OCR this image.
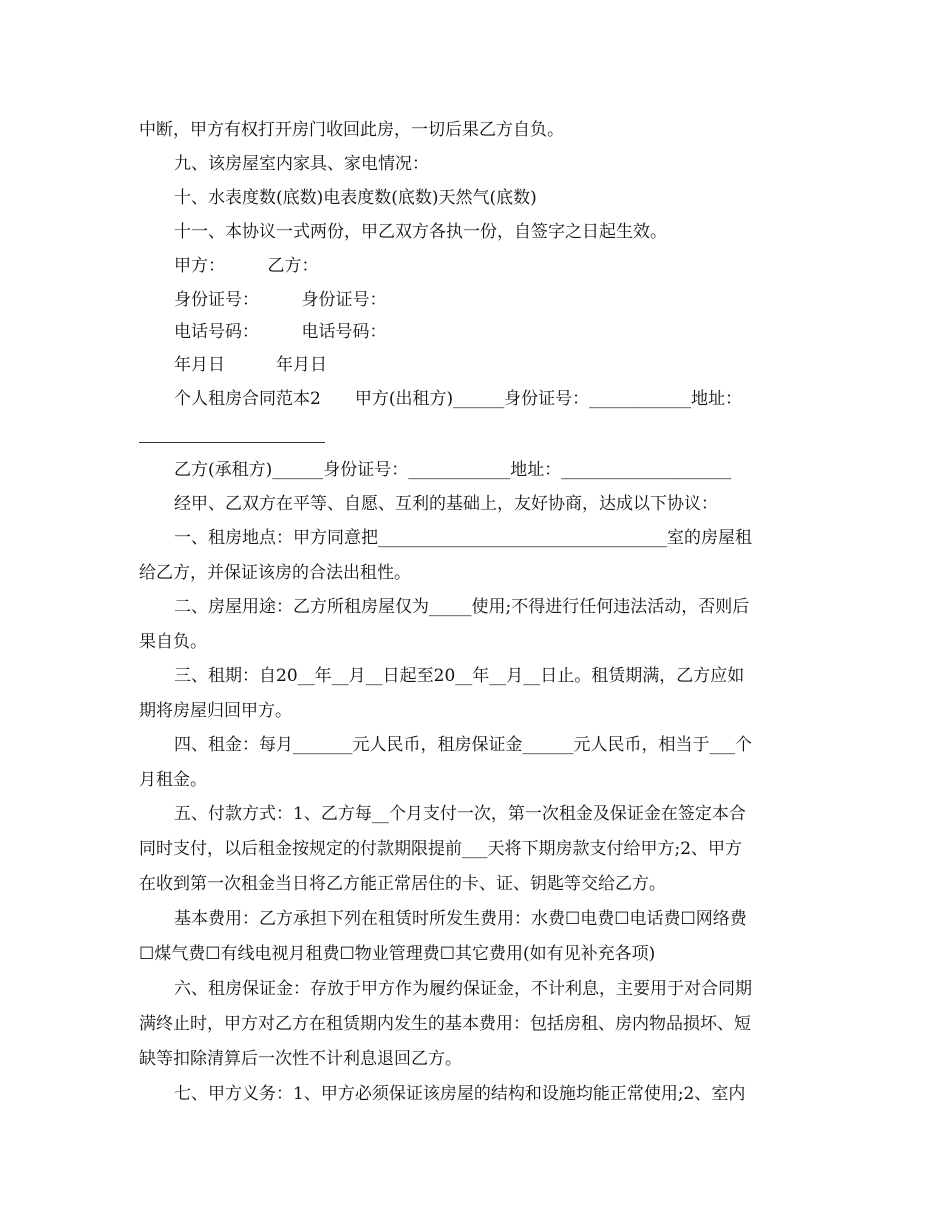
中断，甲方有权打开房门收回此房，一切后果乙方自负。
九、该房屋室内家具、家电情况：
十、水表度数(底数)电表度数(底数)天然气(底数)
十一、本协议一式两份，甲乙双方各执一份，自签字之日起生效。
甲方：　　　乙方：
身份证号：　　　身份证号：
电话号码：　　　电话号码：
年月日　　　年月日
个人租房合同范本2　　甲方(出租方)______身份证号：____________地址：
乙方(承租方)______身份证号：____________地址：____________________
经甲、乙双方在平等、自愿、互利的基础上，友好协商，达成以下协议：
一、租房地点：甲方同意把__________________________________室的房屋租
给乙方，并保证该房的合法出租性。
二、房屋用途：乙方所租房屋仅为_____使用;不得进行任何违法活动，否则后
果自负。
三、租期：自20__年__月__日起至20__年__月__日止。租赁期满，乙方应如
期将房屋归回甲方。
四、租金：每月_______元人民币，租房保证金______元人民币，相当于___个
月租金。
五、付款方式：1、乙方每__个月支付一次，第一次租金及保证金在签定本合
同时支付，以后租金按规定的付款期限提前___天将下期房款支付给甲方;2、甲方
在收到第一次租金当日将乙方能正常居住的卡、证、钥匙等交给乙方。
基本费用：乙方承担下列在租赁时所发生费用：水费☐电费☐电话费☐网络费
☐煤气费☐有线电视月租费☐物业管理费☐其它费用(如有见补充各项)
六、租房保证金：存放于甲方作为履约保证金，不计利息，主要用于对合同期
满终止时，甲方对乙方在租赁期内发生的基本费用：包括房租、房内物品损坏、短
缺等扣除清算后一次性不计利息退回乙方。
七、甲方义务：1、甲方必须保证该房屋的结构和设施均能正常使用;2、室内
